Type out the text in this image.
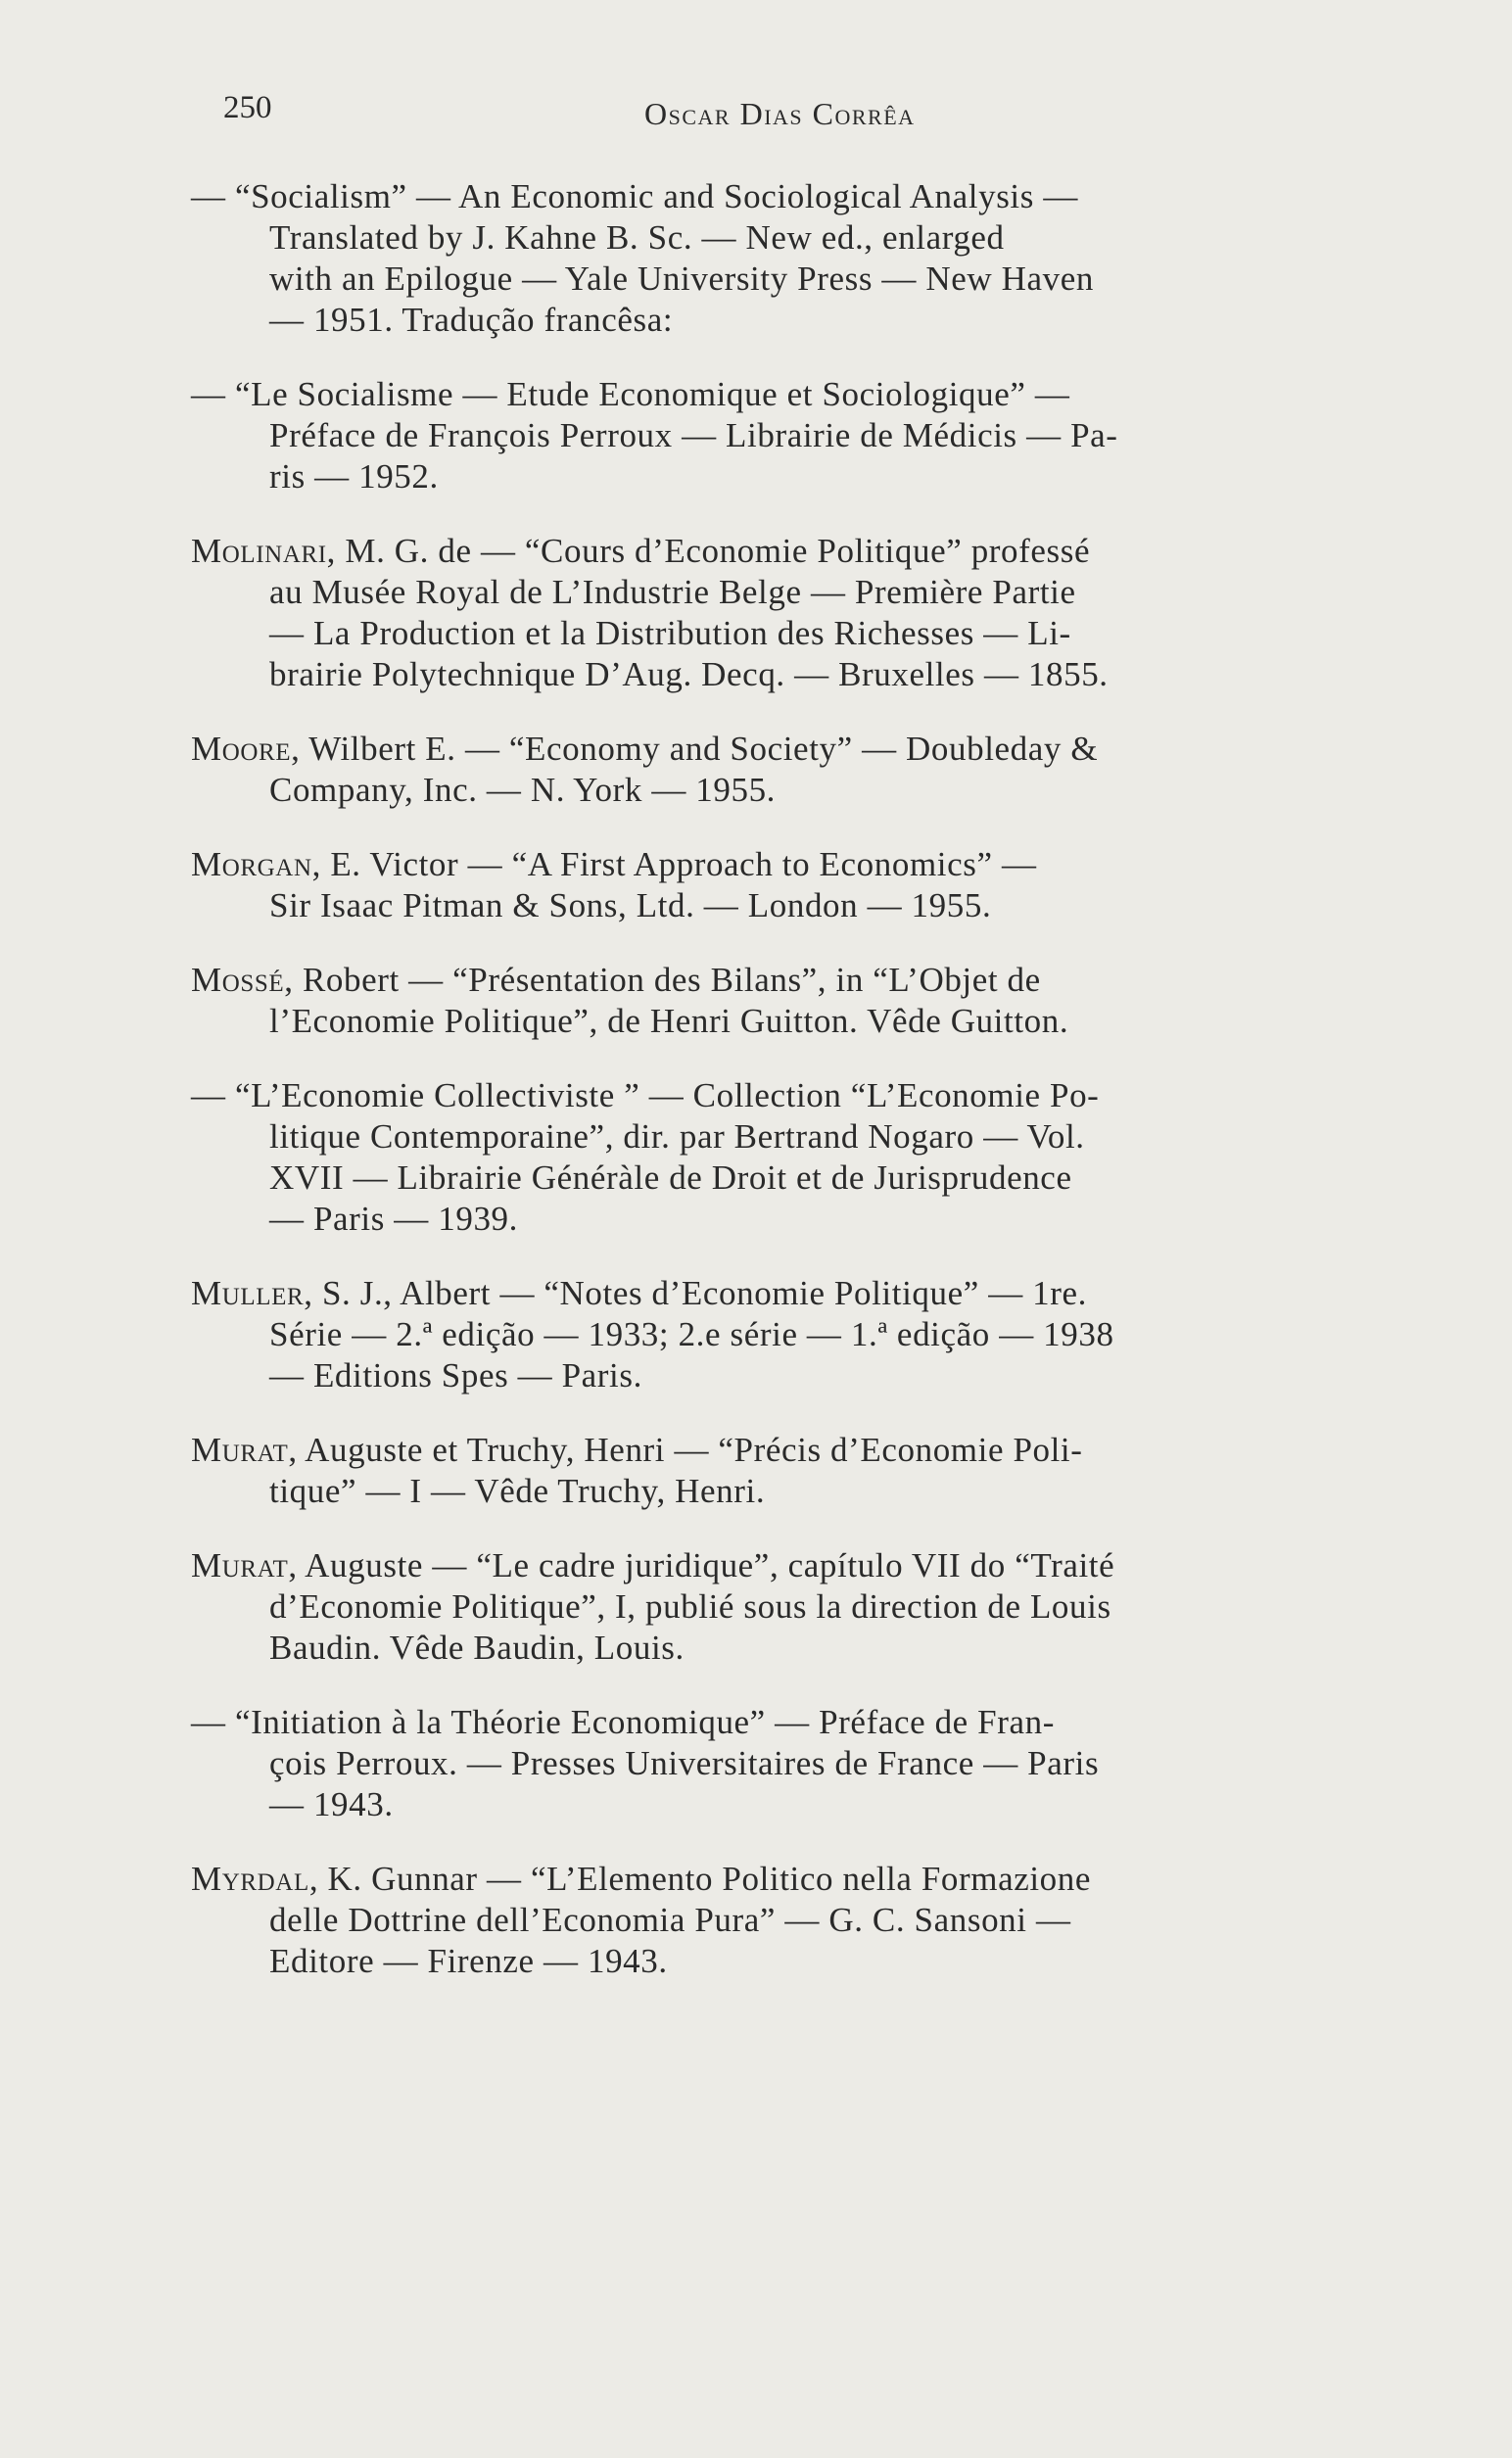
250	Oscar Dias Corrêa
— “Socialism” — An Economic and Sociological Analysis —
Translated by J. Kahne B. Sc. — New ed., enlarged
with an Epilogue — Yale University Press — New Haven
— 1951. Tradução francêsa:
— “Le Socialisme — Etude Economique et Sociologique” —
Préface de François Perroux — Librairie de Médicis — Pa-
ris — 1952.
Molinari, M. G. de — “Cours d’Economie Politique” professé
au Musée Royal de L’Industrie Belge — Première Partie
— La Production et la Distribution des Richesses — Li-
brairie Polytechnique D’Aug. Decq. — Bruxelles — 1855.
Moore, Wilbert E. — “Economy and Society” — Doubleday &
Company, Inc. — N. York — 1955.
Morgan, E. Victor — “A First Approach to Economics” —
Sir Isaac Pitman & Sons, Ltd. — London — 1955.
Mossé, Robert — “Présentation des Bilans”, in “L’Objet de
l’Economie Politique”, de Henri Guitton. Vêde Guitton.
— “L’Economie Collectiviste ” — Collection “L’Economie Po-
litique Contemporaine”, dir. par Bertrand Nogaro — Vol.
XVII — Librairie Généràle de Droit et de Jurisprudence
— Paris — 1939.
Muller, S. J., Albert — “Notes d’Economie Politique” — 1re.
Série — 2.ª edição — 1933; 2.e série — 1.ª edição — 1938
— Editions Spes — Paris.
Murat, Auguste et Truchy, Henri — “Précis d’Economie Poli-
tique” — I — Vêde Truchy, Henri.
Murat, Auguste — “Le cadre juridique”, capítulo VII do “Traité
d’Economie Politique”, I, publié sous la direction de Louis
Baudin. Vêde Baudin, Louis.
— “Initiation à la Théorie Economique” — Préface de Fran-
çois Perroux. — Presses Universitaires de France — Paris
— 1943.
Myrdal, K. Gunnar — “L’Elemento Politico nella Formazione
delle Dottrine dell’Economia Pura” — G. C. Sansoni —
Editore — Firenze — 1943.
